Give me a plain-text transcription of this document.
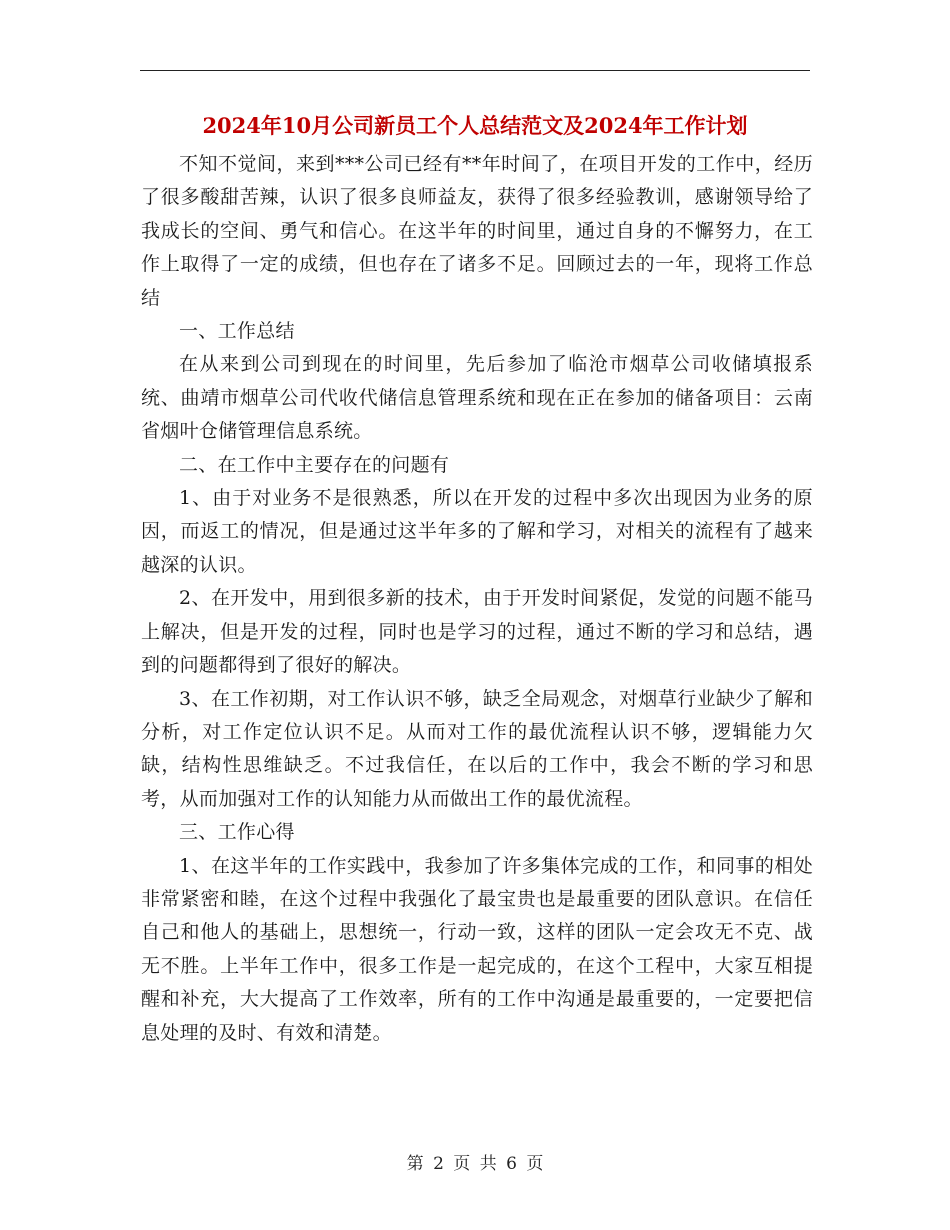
2024年10月公司新员工个人总结范文及2024年工作计划

不知不觉间，来到***公司已经有**年时间了，在项目开发的工作中，经历了很多酸甜苦辣，认识了很多良师益友，获得了很多经验教训，感谢领导给了我成长的空间、勇气和信心。在这半年的时间里，通过自身的不懈努力，在工作上取得了一定的成绩，但也存在了诸多不足。回顾过去的一年，现将工作总结

一、工作总结

在从来到公司到现在的时间里，先后参加了临沧市烟草公司收储填报系统、曲靖市烟草公司代收代储信息管理系统和现在正在参加的储备项目：云南省烟叶仓储管理信息系统。

二、在工作中主要存在的问题有

1、由于对业务不是很熟悉，所以在开发的过程中多次出现因为业务的原因，而返工的情况，但是通过这半年多的了解和学习，对相关的流程有了越来越深的认识。

2、在开发中，用到很多新的技术，由于开发时间紧促，发觉的问题不能马上解决，但是开发的过程，同时也是学习的过程，通过不断的学习和总结，遇到的问题都得到了很好的解决。

3、在工作初期，对工作认识不够，缺乏全局观念，对烟草行业缺少了解和分析，对工作定位认识不足。从而对工作的最优流程认识不够，逻辑能力欠缺，结构性思维缺乏。不过我信任，在以后的工作中，我会不断的学习和思考，从而加强对工作的认知能力从而做出工作的最优流程。

三、工作心得

1、在这半年的工作实践中，我参加了许多集体完成的工作，和同事的相处非常紧密和睦，在这个过程中我强化了最宝贵也是最重要的团队意识。在信任自己和他人的基础上，思想统一，行动一致，这样的团队一定会攻无不克、战无不胜。上半年工作中，很多工作是一起完成的，在这个工程中，大家互相提醒和补充，大大提高了工作效率，所有的工作中沟通是最重要的，一定要把信息处理的及时、有效和清楚。

第 2 页 共 6 页
